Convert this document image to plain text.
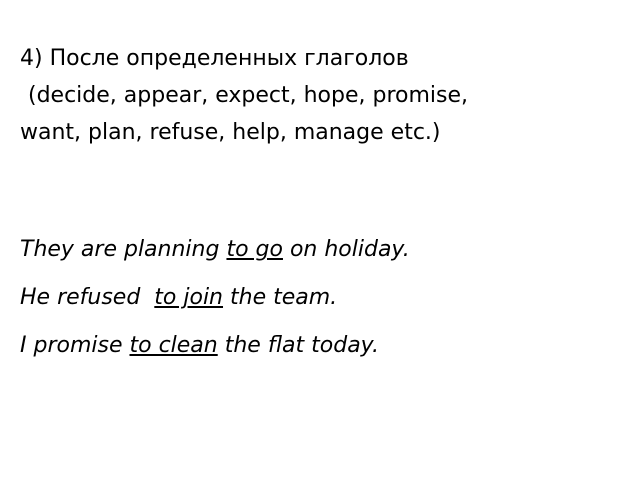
4) После определенных глаголов
(decide, appear, expect, hope, promise,
want, plan, refuse, help, manage etc.)
They are planning to go on holiday.
He refused  to join the team.
I promise to clean the flat today.
